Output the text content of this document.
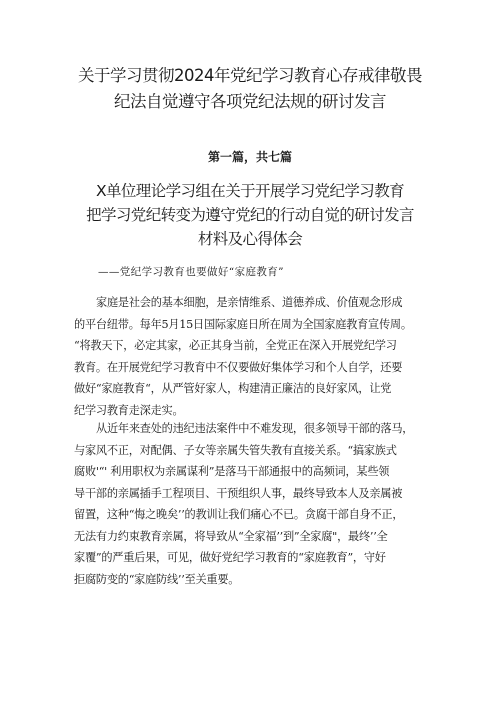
关于学习贯彻2024年党纪学习教育心存戒律敬畏
纪法自觉遵守各项党纪法规的研讨发言
第一篇，共七篇
X单位理论学习组在关于开展学习党纪学习教育
把学习党纪转变为遵守党纪的行动自觉的研讨发言
材料及心得体会
——党纪学习教育也要做好“家庭教育”
家庭是社会的基本细胞，是亲情维系、道德养成、价值观念形成
的平台纽带。每年5月15日国际家庭日所在周为全国家庭教育宣传周。
“将教天下，必定其家，必正其身当前，全党正在深入开展党纪学习
教育。在开展党纪学习教育中不仅要做好集体学习和个人自学，还要
做好“家庭教育“，从严管好家人，构建清正廉洁的良好家风，让党
纪学习教育走深走实。
从近年来查处的违纪违法案件中不难发现，很多领导干部的落马，
与家风不正，对配偶、子女等亲属失管失教有直接关系。“搞家族式
腐败'“' 利用职权为亲属谋利”是落马干部通报中的高频词，某些领
导干部的亲属插手工程项目、干预组织人事，最终导致本人及亲属被
留置，这种“悔之晚矣’’的教训让我们痛心不已。贪腐干部自身不正，
无法有力约束教育亲属，将导致从“全家福’’到”全家腐"，最终’’全
家覆”的严重后果，可见，做好党纪学习教育的“家庭教育”，守好
拒腐防变的“家庭防线’’至关重要。
